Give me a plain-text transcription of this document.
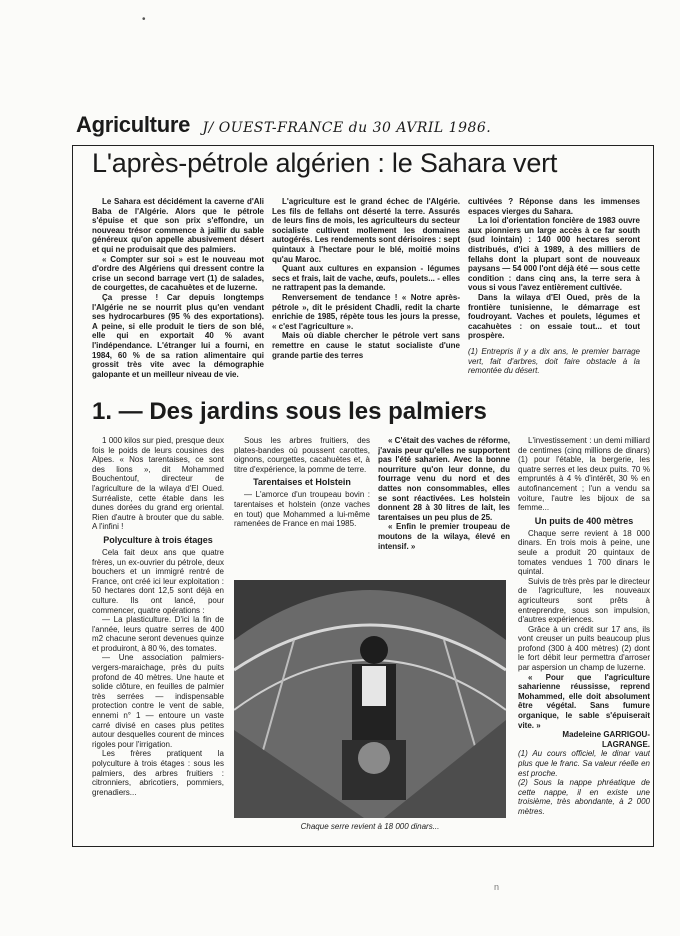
•
Agriculture J/ OUEST-FRANCE du 30 AVRIL 1986.
L'après-pétrole algérien : le Sahara vert

Le Sahara est décidément la caverne d'Ali Baba de l'Algérie. Alors que le pétrole s'épuise et que son prix s'effondre, un nouveau trésor commence à jaillir du sable généreux qu'on appelle abusivement désert et qui ne produisait que des palmiers.

« Compter sur soi » est le nouveau mot d'ordre des Algériens qui dressent contre la crise un second barrage vert (1) de salades, de courgettes, de cacahuètes et de luzerne.

Ça presse ! Car depuis longtemps l'Algérie ne se nourrit plus qu'en vendant ses hydrocarbures (95 % des exportations). A peine, si elle produit le tiers de son blé, elle qui en exportait 40 % avant l'indépendance. L'étranger lui a fourni, en 1984, 60 % de sa ration alimentaire qui grossit très vite avec la démographie galopante et un meilleur niveau de vie.

L'agriculture est le grand échec de l'Algérie. Les fils de fellahs ont déserté la terre. Assurés de leurs fins de mois, les agriculteurs du secteur socialiste cultivent mollement les domaines autogérés. Les rendements sont dérisoires : sept quintaux à l'hectare pour le blé, moitié moins qu'au Maroc.

Quant aux cultures en expansion - légumes secs et frais, lait de vache, œufs, poulets... - elles ne rattrapent pas la demande.

Renversement de tendance ! « Notre après-pétrole », dit le président Chadli, redit la charte enrichie de 1985, répète tous les jours la presse, « c'est l'agriculture ».

Mais où diable chercher le pétrole vert sans remettre en cause le statut socialiste d'une grande partie des terres

cultivées ? Réponse dans les immenses espaces vierges du Sahara.

La loi d'orientation foncière de 1983 ouvre aux pionniers un large accès à ce far south (sud lointain) : 140 000 hectares seront distribués, d'ici à 1989, à des milliers de fellahs dont la plupart sont de nouveaux paysans — 54 000 l'ont déjà été — sous cette condition : dans cinq ans, la terre sera à vous si vous l'avez entièrement cultivée.

Dans la wilaya d'El Oued, près de la frontière tunisienne, le démarrage est foudroyant. Vaches et poulets, légumes et cacahuètes : on essaie tout... et tout prospère.

(1) Entrepris il y a dix ans, le premier barrage vert, fait d'arbres, doit faire obstacle à la remontée du désert.

1. — Des jardins sous les palmiers

1 000 kilos sur pied, presque deux fois le poids de leurs cousines des Alpes. « Nos tarentaises, ce sont des lions », dit Mohammed Bouchentouf, directeur de l'agriculture de la wilaya d'El Oued. Surréaliste, cette étable dans les dunes dorées du grand erg oriental. Rien d'autre à brouter que du sable. A l'infini !

Polyculture à trois étages

Cela fait deux ans que quatre frères, un ex-ouvrier du pétrole, deux bouchers et un immigré rentré de France, ont créé ici leur exploitation : 50 hectares dont 12,5 sont déjà en culture. Ils ont lancé, pour commencer, quatre opérations :

— La plasticulture. D'ici la fin de l'année, leurs quatre serres de 400 m2 chacune seront devenues quinze et produiront, à 80 %, des tomates.

— Une association palmiers-vergers-maraichage, près du puits profond de 40 mètres. Une haute et solide clôture, en feuilles de palmier très serrées — indispensable protection contre le vent de sable, ennemi n° 1 — entoure un vaste carré divisé en cases plus petites autour desquelles courent de minces rigoles pour l'irrigation.

Les frères pratiquent la polyculture à trois étages : sous les palmiers, des arbres fruitiers : citronniers, abricotiers, pommiers, grenadiers...

Sous les arbres fruitiers, des plates-bandes où poussent carottes, oignons, courgettes, cacahuètes et, à titre d'expérience, la pomme de terre.

Tarentaises et Holstein

— L'amorce d'un troupeau bovin : tarentaises et holstein (onze vaches en tout) que Mohammed a lui-même ramenées de France en mai 1985.

« C'était des vaches de réforme, j'avais peur qu'elles ne supportent pas l'été saharien. Avec la bonne nourriture qu'on leur donne, du fourrage venu du nord et des dattes non consommables, elles se sont réactivées. Les holstein donnent 28 à 30 litres de lait, les tarentaises un peu plus de 25.

« Enfin le premier troupeau de moutons de la wilaya, élevé en intensif. »

L'investissement : un demi milliard de centimes (cinq millions de dinars) (1) pour l'étable, la bergerie, les quatre serres et les deux puits. 70 % empruntés à 4 % d'intérêt, 30 % en autofinancement ; l'un a vendu sa voiture, l'autre les bijoux de sa femme...

Un puits de 400 mètres

Chaque serre revient à 18 000 dinars. En trois mois à peine, une seule a produit 20 quintaux de tomates vendues 1 700 dinars le quintal.

Suivis de très près par le directeur de l'agriculture, les nouveaux agriculteurs sont prêts à entreprendre, sous son impulsion, d'autres expériences.

Grâce à un crédit sur 17 ans, ils vont creuser un puits beaucoup plus profond (300 à 400 mètres) (2) dont le fort débit leur permettra d'arroser par aspersion un champ de luzerne.

« Pour que l'agriculture saharienne réussisse, reprend Mohammed, elle doit absolument être végétal. Sans fumure organique, le sable s'épuiserait vite. »

Madeleine GARRIGOU-LAGRANGE.

(1) Au cours officiel, le dinar vaut plus que le franc. Sa valeur réelle en est proche.

(2) Sous la nappe phréatique de cette nappe, il en existe une troisième, très abondante, à 2 000 mètres.

Chaque serre revient à 18 000 dinars...
n
